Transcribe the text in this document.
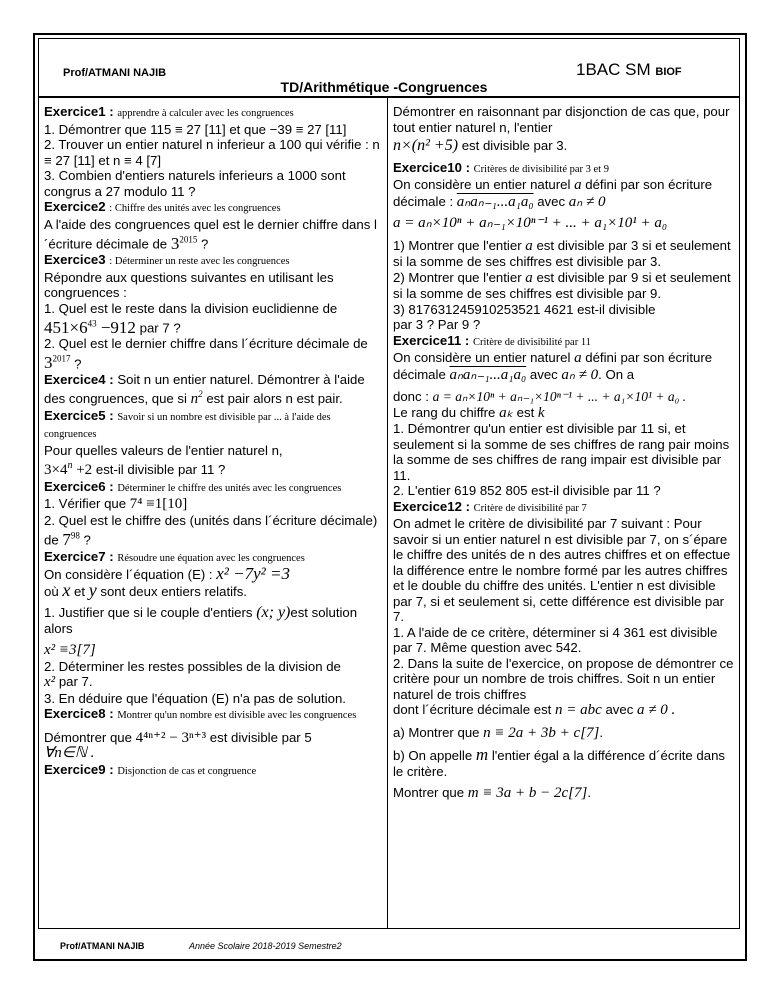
Prof/ATMANI NAJIB	1BAC SM BIOF
TD/Arithmétique -Congruences

Exercice1 : apprendre à calculer avec les congruences

1. Démontrer que 115 ≡ 27 [11] et que −39 ≡ 27 [11]

2. Trouver un entier naturel n inferieur a 100 qui vérifie : n ≡ 27 [11] et n ≡ 4 [7]

3. Combien d'entiers naturels inferieurs a 1000 sont congrus a 27 modulo 11 ?

Exercice2 : Chiffre des unités avec les congruences

A l'aide des congruences quel est le dernier chiffre dans l´écriture décimale de $3^{2015}$ ?

Exercice3 : Déterminer un reste avec les congruences

Répondre aux questions suivantes en utilisant les congruences :

1. Quel est le reste dans la division euclidienne de $451\times 6^{43} -912$ par 7 ?

2. Quel est le dernier chiffre dans l´écriture décimale de $3^{2017}$ ?

Exercice4 : Soit n un entier naturel. Démontrer à l'aide des congruences, que si $n^2$ est pair alors n est pair.

Exercice5 : Savoir si un nombre est divisible par ... à l'aide des congruences

Pour quelles valeurs de l'entier naturel n,

$3\times 4^n +2$ est-il divisible par 11 ?

Exercice6 : Déterminer le chiffre des unités avec les congruences

1. Vérifier que 7⁴ ≡1[10]

2. Quel est le chiffre des (unités dans l´écriture décimale) de $7^{98}$ ?

Exercice7 : Résoudre une équation avec les congruences

On considère l´équation (E) : x² −7y² =3

où x et y sont deux entiers relatifs.

1. Justifier que si le couple d'entiers (x; y)est solution alors

x² ≡3[7]

2. Déterminer les restes possibles de la division de

x² par 7.

3. En déduire que l'équation (E) n'a pas de solution.

Exercice8 : Montrer qu'un nombre est divisible avec les congruences

Démontrer que 4⁴ⁿ⁺² − 3ⁿ⁺³ est divisible par 5

∀n∈ℕ .

Exercice9 : Disjonction de cas et congruence

Démontrer en raisonnant par disjonction de cas que, pour tout entier naturel n, l'entier

n×(n² +5) est divisible par 3.

Exercice10 : Critères de divisibilité par 3 et 9

On considère un entier naturel a défini par son écriture décimale : aₙaₙ₋₁...a₁a₀ avec aₙ ≠ 0

a = aₙ×10ⁿ + aₙ₋₁×10ⁿ⁻¹ + ... + a₁×10¹ + a₀

1) Montrer que l'entier a est divisible par 3 si et seulement si la somme de ses chiffres est divisible par 3.

2) Montrer que l'entier a est divisible par 9 si et seulement si la somme de ses chiffres est divisible par 9.

3) 817631245910253521 4621 est-il divisible

par 3 ? Par 9 ?

Exercice11 : Critère de divisibilité par 11

On considère un entier naturel a défini par son écriture décimale aₙaₙ₋₁...a₁a₀ avec aₙ ≠ 0. On a

donc : a = aₙ×10ⁿ + aₙ₋₁×10ⁿ⁻¹ + ... + a₁×10¹ + a₀ .

Le rang du chiffre aₖ est k

1. Démontrer qu'un entier est divisible par 11 si, et seulement si la somme de ses chiffres de rang pair moins la somme de ses chiffres de rang impair est divisible par 11.

2. L'entier 619 852 805 est-il divisible par 11 ?

Exercice12 : Critère de divisibilité par 7

On admet le critère de divisibilité par 7 suivant : Pour savoir si un entier naturel n est divisible par 7, on s´épare le chiffre des unités de n des autres chiffres et on effectue la différence entre le nombre formé par les autres chiffres et le double du chiffre des unités. L'entier n est divisible par 7, si et seulement si, cette différence est divisible par 7.

1. A l'aide de ce critère, déterminer si 4 361 est divisible par 7. Même question avec 542.

2. Dans la suite de l'exercice, on propose de démontrer ce critère pour un nombre de trois chiffres. Soit n un entier naturel de trois chiffres

dont l´écriture décimale est n = abc avec a ≠ 0 .

a) Montrer que n ≡ 2a + 3b + c[7].

b) On appelle m l'entier égal a la différence d´écrite dans le critère.

Montrer que m ≡ 3a + b − 2c[7].

Prof/ATMANI NAJIB	Année Scolaire 2018-2019 Semestre2
